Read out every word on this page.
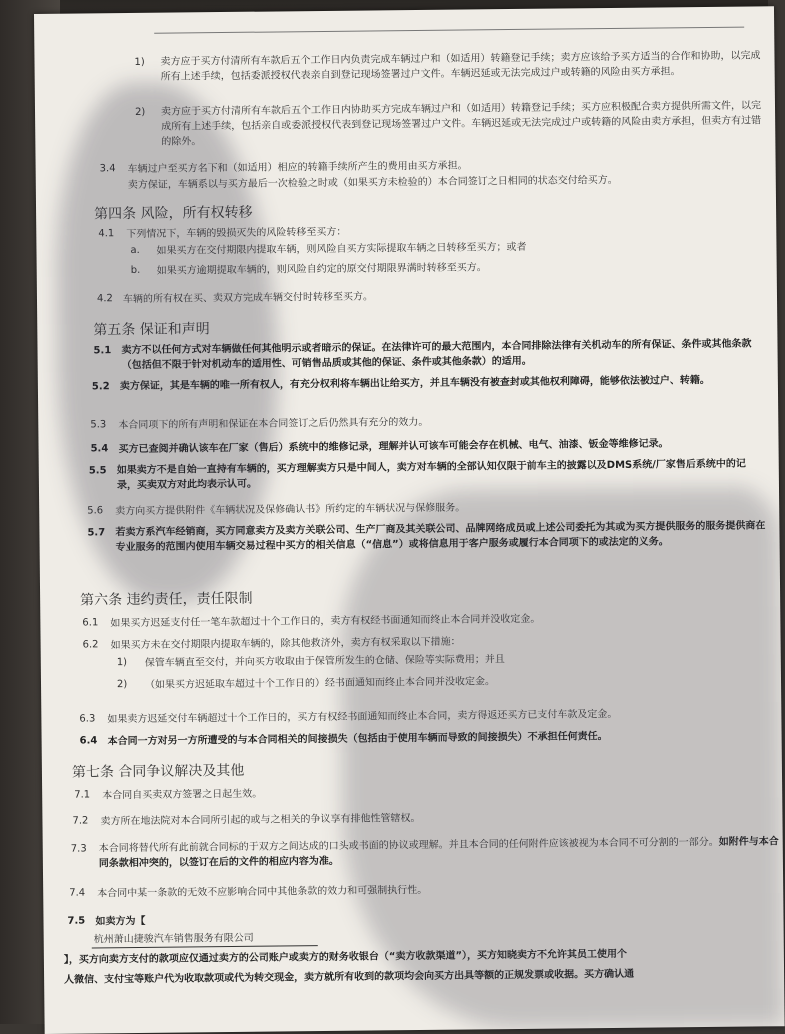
1) 卖方应于买方付清所有车款后五个工作日内负责完成车辆过户和（如适用）转籍登记手续；卖方应该给予买方适当的合作和协助，以完成所有上述手续，包括委派授权代表亲自到登记现场签署过户文件。车辆迟延或无法完成过户或转籍的风险由买方承担。
2) 卖方应于买方付清所有车款后五个工作日内协助买方完成车辆过户和（如适用）转籍登记手续；买方应积极配合卖方提供所需文件，以完成所有上述手续，包括亲自或委派授权代表到登记现场签署过户文件。车辆迟延或无法完成过户或转籍的风险由卖方承担，但卖方有过错的除外。
3.4 车辆过户至买方名下和（如适用）相应的转籍手续所产生的费用由买方承担。
卖方保证，车辆系以与买方最后一次检验之时或（如果买方未检验的）本合同签订之日相同的状态交付给买方。
第四条 风险，所有权转移
4.1 下列情况下，车辆的毁损灭失的风险转移至买方：
a. 如果买方在交付期限内提取车辆，则风险自买方实际提取车辆之日转移至买方；或者
b. 如果买方逾期提取车辆的，则风险自约定的原交付期限界满时转移至买方。
4.2 车辆的所有权在买、卖双方完成车辆交付时转移至买方。
第五条 保证和声明
5.1 卖方不以任何方式对车辆做任何其他明示或者暗示的保证。在法律许可的最大范围内，本合同排除法律有关机动车的所有保证、条件或其他条款（包括但不限于针对机动车的适用性、可销售品质或其他的保证、条件或其他条款）的适用。
5.2 卖方保证，其是车辆的唯一所有权人，有充分权利将车辆出让给买方，并且车辆没有被查封或其他权利障碍，能够依法被过户、转籍。
5.3 本合同项下的所有声明和保证在本合同签订之后仍然具有充分的效力。
5.4 买方已查阅并确认该车在厂家（售后）系统中的维修记录，理解并认可该车可能会存在机械、电气、油漆、钣金等维修记录。
5.5 如果卖方不是自始一直持有车辆的，买方理解卖方只是中间人，卖方对车辆的全部认知仅限于前车主的披露以及DMS系统/厂家售后系统中的记录，买卖双方对此均表示认可。
5.6 卖方向买方提供附件《车辆状况及保修确认书》所约定的车辆状况与保修服务。
5.7 若卖方系汽车经销商，买方同意卖方及卖方关联公司、生产厂商及其关联公司、品牌网络成员或上述公司委托为其或为买方提供服务的服务提供商在专业服务的范围内使用车辆交易过程中买方的相关信息（“信息”）或将信息用于客户服务或履行本合同项下的或法定的义务。
第六条 违约责任，责任限制
6.1 如果买方迟延支付任一笔车款超过十个工作日的，卖方有权经书面通知而终止本合同并没收定金。
6.2 如果买方未在交付期限内提取车辆的，除其他救济外，卖方有权采取以下措施：
1) 保管车辆直至交付，并向买方收取由于保管所发生的仓储、保险等实际费用；并且
2) （如果买方迟延取车超过十个工作日的）经书面通知而终止本合同并没收定金。
6.3 如果卖方迟延交付车辆超过十个工作日的，买方有权经书面通知而终止本合同，卖方得返还买方已支付车款及定金。
6.4 本合同一方对另一方所遭受的与本合同相关的间接损失（包括由于使用车辆而导致的间接损失）不承担任何责任。
第七条 合同争议解决及其他
7.1 本合同自买卖双方签署之日起生效。
7.2 卖方所在地法院对本合同所引起的或与之相关的争议享有排他性管辖权。
7.3 本合同将替代所有此前就合同标的于双方之间达成的口头或书面的协议或理解。并且本合同的任何附件应该被视为本合同不可分割的一部分。如附件与本合同条款相冲突的，以签订在后的文件的相应内容为准。
7.4 本合同中某一条款的无效不应影响合同中其他条款的效力和可强制执行性。
7.5 如卖方为【
杭州萧山捷骏汽车销售服务有限公司
】，买方向卖方支付的款项应仅通过卖方的公司账户或卖方的财务收银台（“卖方收款渠道”），买方知晓卖方不允许其员工使用个
人微信、支付宝等账户代为收取款项或代为转交现金，卖方就所有收到的款项均会向买方出具等额的正规发票或收据。买方确认通
